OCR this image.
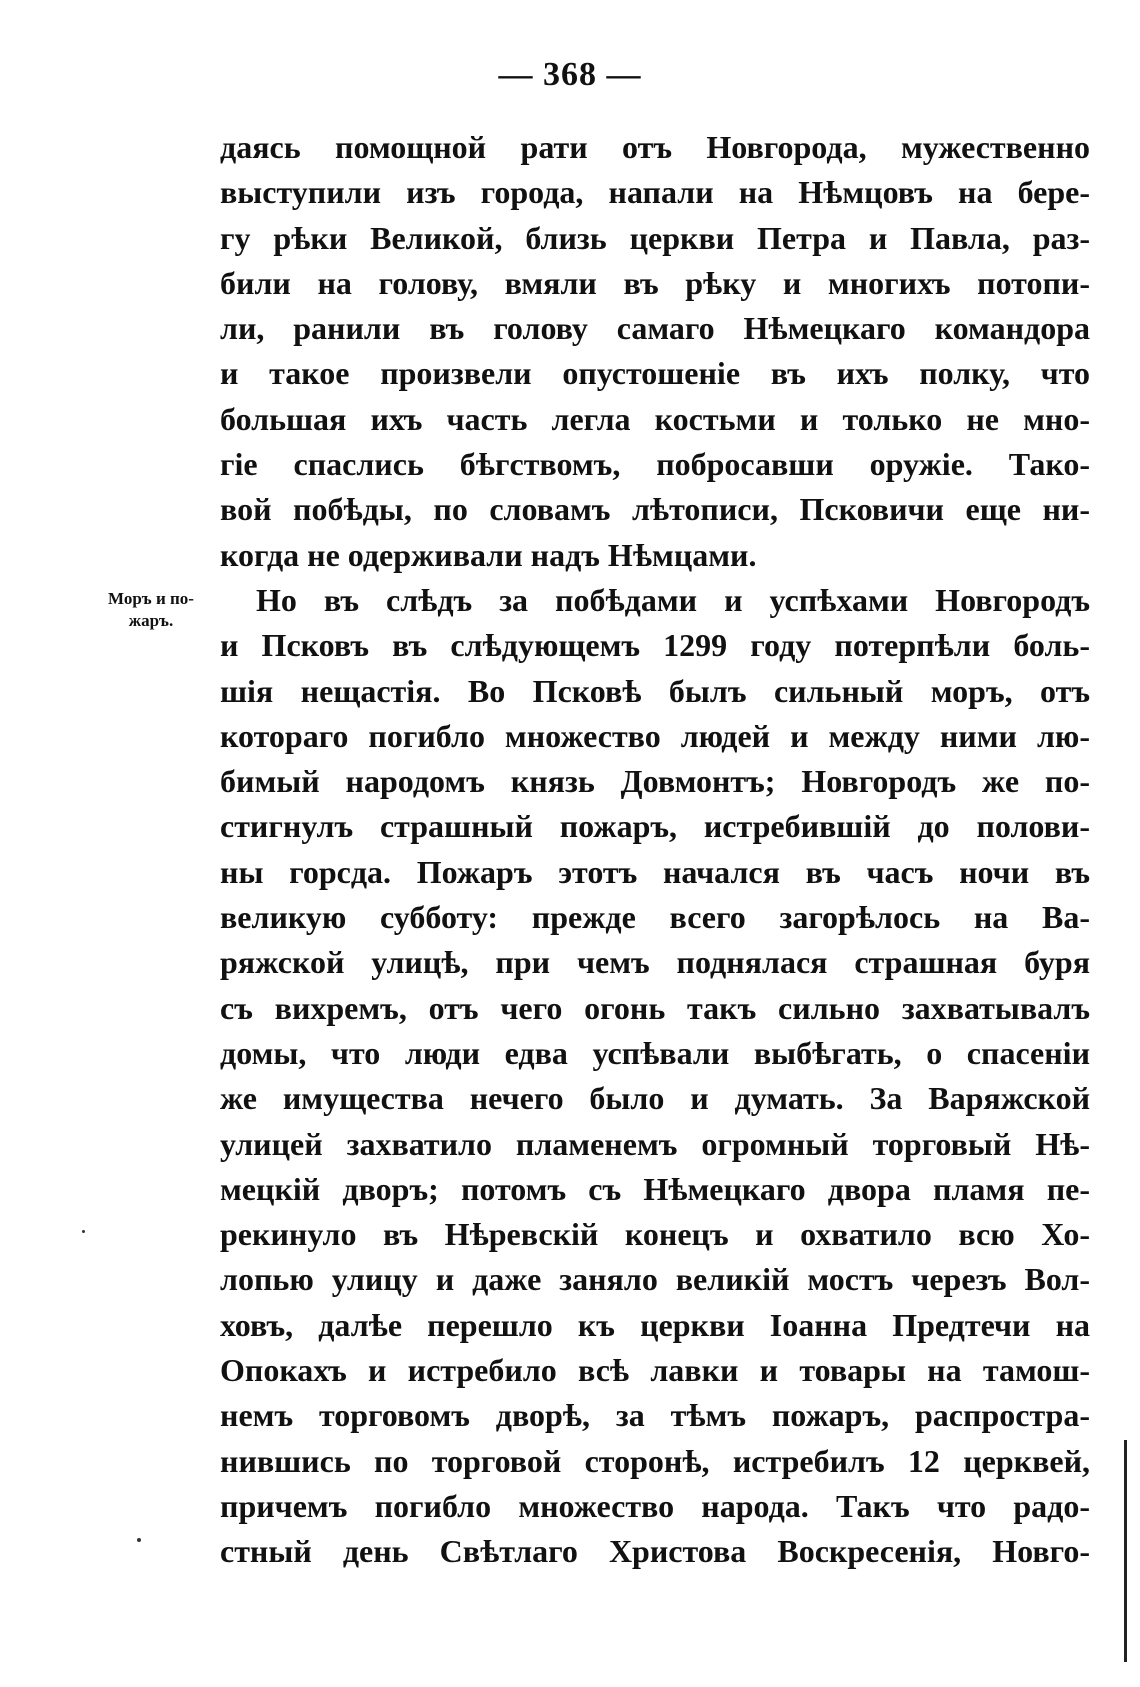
— 368 —
Моръ и по-
жаръ.
даясь помощной рати отъ Новгорода, мужественно
выступили изъ города, напали на Нѣмцовъ на бере-
гу рѣки Великой, близь церкви Петра и Павла, раз-
били на голову, вмяли въ рѣку и многихъ потопи-
ли, ранили въ голову самаго Нѣмецкаго командора
и такое произвели опустошеніе въ ихъ полку, что
большая ихъ часть легла костьми и только не мно-
гіе спаслись бѣгствомъ, побросавши оружіе. Тако-
вой побѣды, по словамъ лѣтописи, Псковичи еще ни-
когда не одерживали надъ Нѣмцами.
Но въ слѣдъ за побѣдами и успѣхами Новгородъ
и Псковъ въ слѣдующемъ 1299 году потерпѣли боль-
шія нещастія. Во Псковѣ былъ сильный моръ, отъ
котораго погибло множество людей и между ними лю-
бимый народомъ князь Довмонтъ; Новгородъ же по-
стигнулъ страшный пожаръ, истребившій до полови-
ны горсда. Пожаръ этотъ начался въ часъ ночи въ
великую субботу: прежде всего загорѣлось на Ва-
ряжской улицѣ, при чемъ поднялася страшная буря
съ вихремъ, отъ чего огонь такъ сильно захватывалъ
домы, что люди едва успѣвали выбѣгать, о спасеніи
же имущества нечего было и думать. За Варяжской
улицей захватило пламенемъ огромный торговый Нѣ-
мецкій дворъ; потомъ съ Нѣмецкаго двора пламя пе-
рекинуло въ Нѣревскій конецъ и охватило всю Хо-
лопью улицу и даже заняло великій мостъ черезъ Вол-
ховъ, далѣе перешло къ церкви Іоанна Предтечи на
Опокахъ и истребило всѣ лавки и товары на тамош-
немъ торговомъ дворѣ, за тѣмъ пожаръ, распростра-
нившись по торговой сторонѣ, истребилъ 12 церквей,
причемъ погибло множество народа. Такъ что радо-
стный день Свѣтлаго Христова Воскресенія, Новго-
